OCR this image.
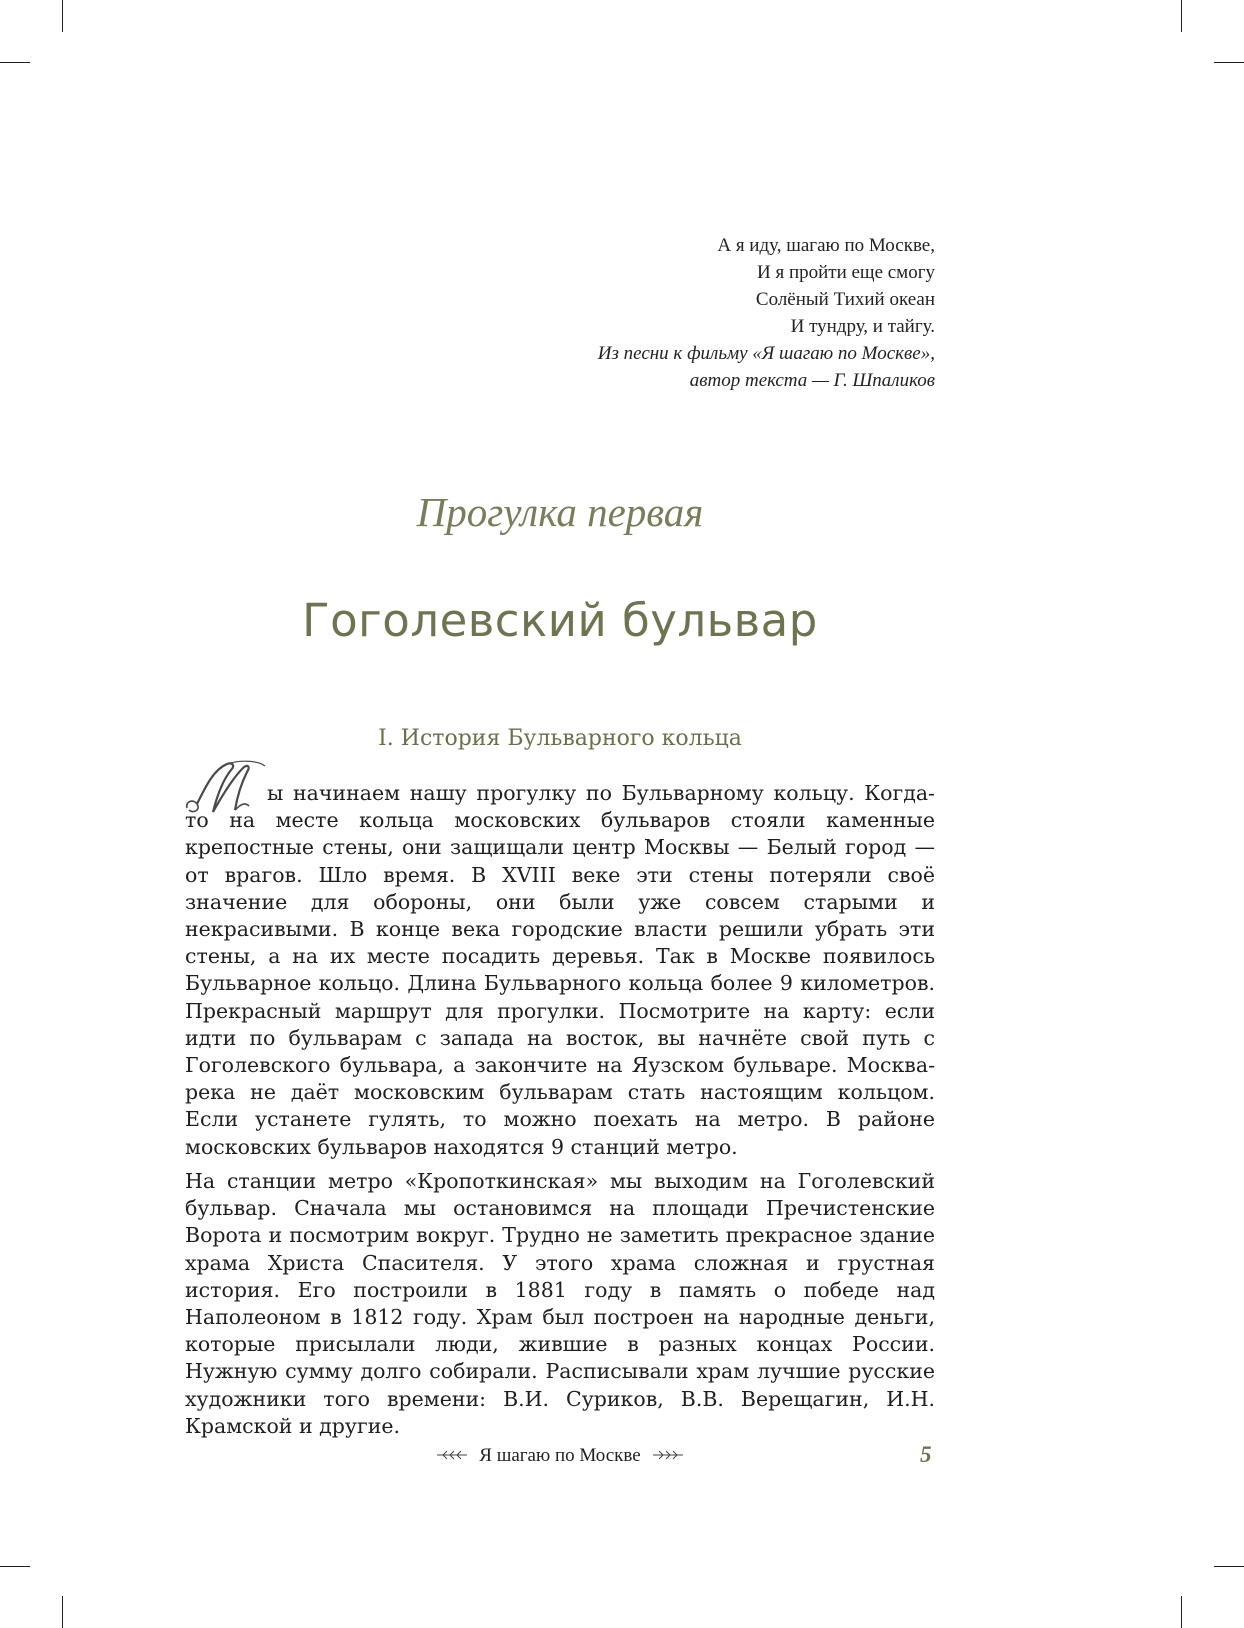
А я иду, шагаю по Москве,
И я пройти еще смогу
Солёный Тихий океан
И тундру, и тайгу.
Из песни к фильму «Я шагаю по Москве»,
автор текста — Г. Шпаликов
Прогулка первая
Гоголевский бульвар
I. История Бульварного кольца
М	ы начинаем нашу прогулку по Бульварному кольцу. Когда-то на месте кольца московских бульваров стояли каменные крепостные стены, они защищали центр Москвы — Белый город — от врагов. Шло время. В XVIII веке эти стены потеряли своё значение для обороны, они были уже совсем старыми и некрасивыми. В конце века городские власти решили убрать эти стены, а на их месте посадить деревья. Так в Москве появилось Бульварное кольцо. Длина Бульварного кольца более 9 километров. Прекрасный маршрут для прогулки. Посмотрите на карту: если идти по бульварам с запада на восток, вы начнёте свой путь с Гоголевского бульвара, а закончите на Яузском бульваре. Москва-река не даёт московским бульварам стать настоящим кольцом. Если устанете гулять, то можно поехать на метро. В районе московских бульваров находятся 9 станций метро.
На станции метро «Кропоткинская» мы выходим на Гоголевский бульвар. Сначала мы остановимся на площади Пречистенские Ворота и посмотрим вокруг. Трудно не заметить прекрасное здание храма Христа Спасителя. У этого храма сложная и грустная история. Его построили в 1881 году в память о победе над Наполеоном в 1812 году. Храм был построен на народные деньги, которые присылали люди, жившие в разных концах России. Нужную сумму долго собирали. Расписывали храм лучшие русские художники того времени: В.И. Суриков, В.В. Верещагин, И.Н. Крамской и другие.
Я шагаю по Москве	5
